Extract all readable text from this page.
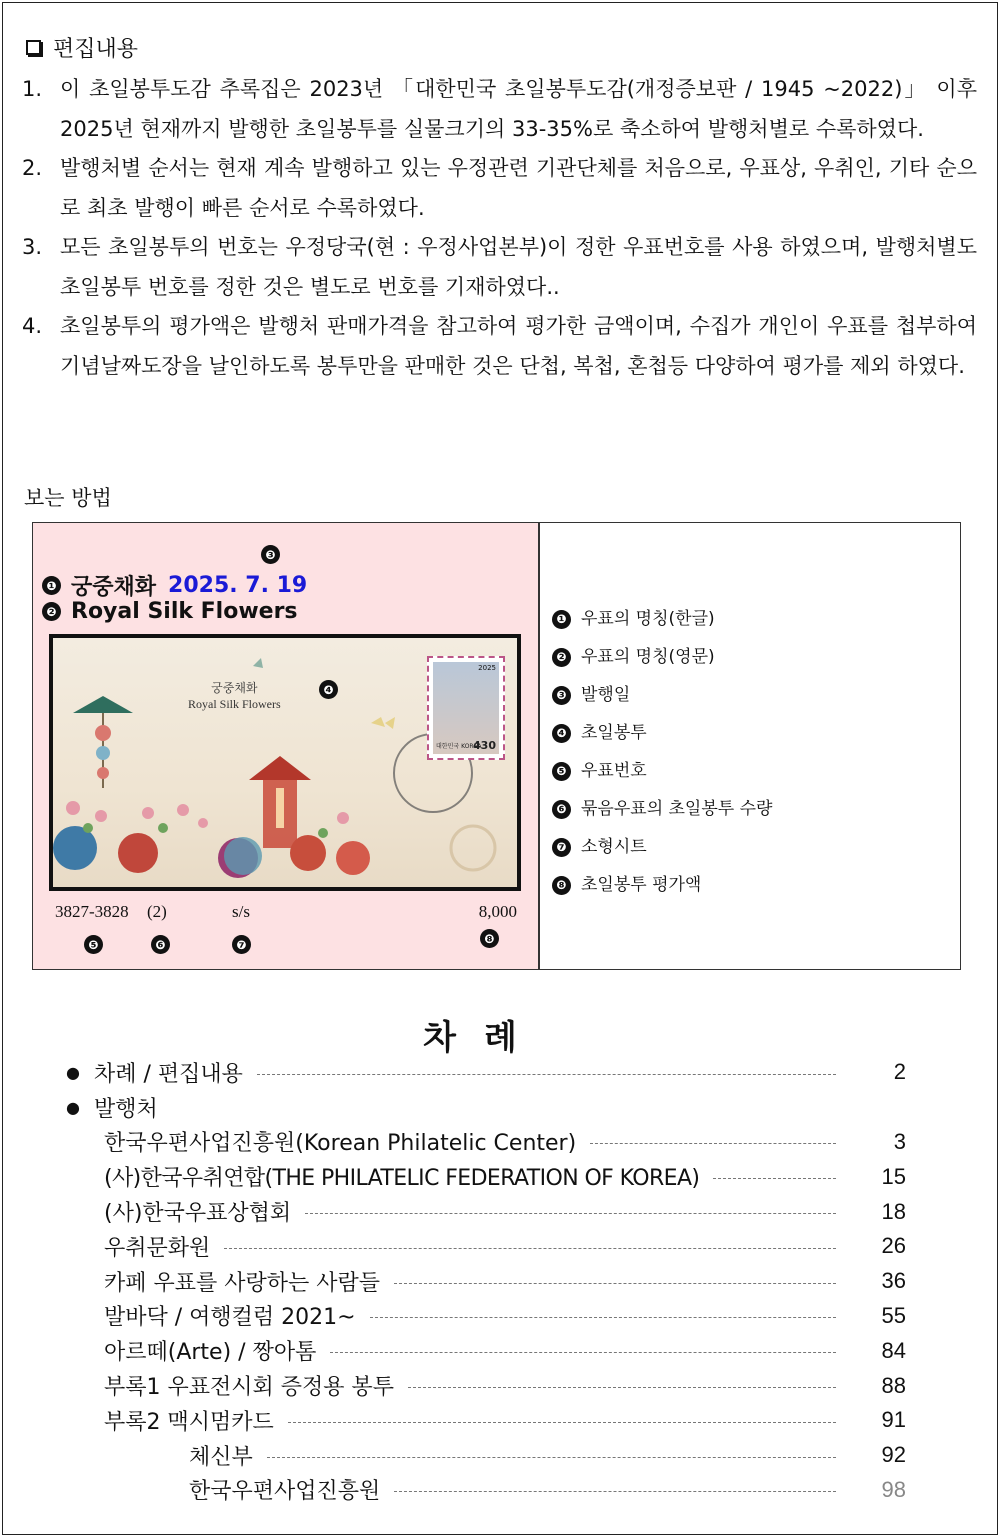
편집내용
1. 이 초일봉투도감 추록집은 2023년 「대한민국 초일봉투도감(개정증보판 / 1945 ~2022)」 이후 2025년 현재까지 발행한 초일봉투를 실물크기의 33-35%로 축소하여 발행처별로 수록하였다.
2. 발행처별 순서는 현재 계속 발행하고 있는 우정관련 기관단체를 처음으로, 우표상, 우취인, 기타 순으로 최초 발행이 빠른 순서로 수록하였다.
3. 모든 초일봉투의 번호는 우정당국(현 : 우정사업본부)이 정한 우표번호를 사용 하였으며, 발행처별도 초일봉투 번호를 정한 것은 별도로 번호를 기재하였다..
4. 초일봉투의 평가액은 발행처 판매가격을 참고하여 평가한 금액이며, 수집가 개인이 우표를 첩부하여 기념날짜도장을 날인하도록 봉투만을 판매한 것은 단첩, 복첩, 혼첩등 다양하여 평가를 제외 하였다.
보는 방법
❸
❶ 궁중채화 2025. 7. 19
❷ Royal Silk Flowers
궁중채화
Royal Silk Flowers
❹
2025
대한민국 KOREA
430
3827-3828 (2)	s/s	8,000
❺	❻	❼	❽
❶ 우표의 명칭(한글)
❷ 우표의 명칭(영문)
❸ 발행일
❹ 초일봉투
❺ 우표번호
❻ 묶음우표의 초일봉투 수량
❼ 소형시트
❽ 초일봉투 평가액
차례
● 차례 / 편집내용	2
● 발행처
한국우편사업진흥원(Korean Philatelic Center)	3
(사)한국우취연합(THE PHILATELIC FEDERATION OF KOREA)	15
(사)한국우표상협회	18
우취문화원	26
카페 우표를 사랑하는 사람들	36
발바닥 / 여행컬럼 2021~	55
아르떼(Arte) / 짱아톰	84
부록1 우표전시회 증정용 봉투	88
부록2 맥시멈카드	91
체신부	92
한국우편사업진흥원	98
